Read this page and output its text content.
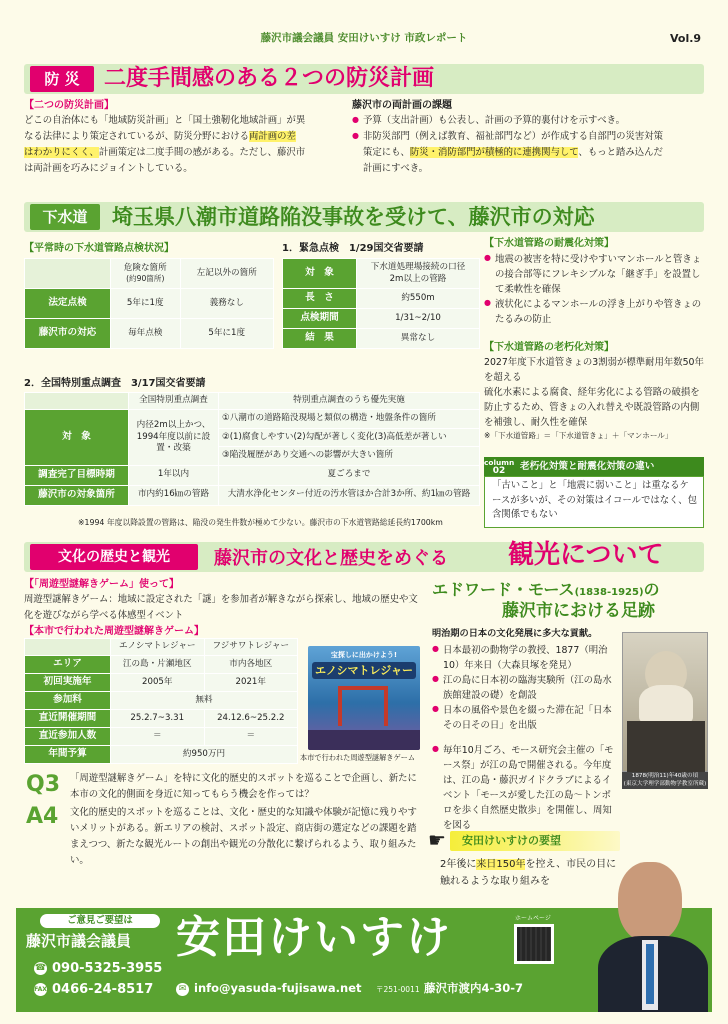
藤沢市議会議員 安田けいすけ 市政レポート	Vol.9
防 災	二度手間感のある２つの防災計画
【二つの防災計画】
どこの自治体にも「地域防災計画」と「国土強靭化地域計画」が異
なる法律により策定されているが、防災分野における両計画の差
はわかりにくく、計画策定は二度手間の感がある。ただし、藤沢市
は両計画を巧みにジョイントしている。
藤沢市の両計画の課題
● 予算（支出計画）も公表し、計画の予算的裏付けを示すべき。
● 非防災部門（例えば教育、福祉部門など）が作成する自部門の災害対策
策定にも、防災・消防部門が積極的に連携関与して、もっと踏み込んだ
計画にすべき。
下水道	埼玉県八潮市道路陥没事故を受けて、藤沢市の対応
【平常時の下水道管路点検状況】

	危険な箇所
(約90箇所)	左記以外の箇所
法定点検	5年に1度	義務なし
藤沢市の対応	毎年点検	5年に1度
1．緊急点検　1/29国交省要請
対　象	下水道処理場接続の口径
2m以上の管路

長　さ	約550m
点検期間	1/31~2/10
結　果	異常なし
【下水道管路の耐震化対策】
● 地震の被害を特に受けやすいマンホールと管きょの接合部等にフレキシブルな「継ぎ手」を設置して柔軟性を確保
● 液状化によるマンホールの浮き上がりや管きょのたるみの防止
【下水道管路の老朽化対策】
2027年度下水道管きょの3割弱が標準耐用年数50年を超える
硫化水素による腐食、経年劣化による管路の破損を防止するため、管きょの入れ替えや既設管路の内側を補強し、耐久性を確保
※「下水道管路」＝「下水道管きょ」＋「マンホール」
column
02	老朽化対策と耐震化対策の違い
「古いこと」と「地震に弱いこと」は重なるケースが多いが、その対策はイコールではなく、包含関係でもない
2．全国特別重点調査　3/17国交省要請
	全国特別重点調査	特別重点調査のうち優先実施
対　象	内径2m以上かつ、1994年度以前に設置・改築	①八潮市の道路陥没現場と類似の構造・地盤条件の箇所
②(1)腐食しやすい(2)勾配が著しく変化(3)高低差が著しい
③陥没履歴があり交通への影響が大きい箇所

調査完了目標時期	1年以内	夏ごろまで
藤沢市の対象箇所	市内約16㎞の管路	大清水浄化センター付近の汚水管ほか合計3か所、約1㎞の管路
※1994 年度以降設置の管路は、陥没の発生件数が極めて少ない。藤沢市の下水道管路総延長約1700km
文化の歴史と観光	藤沢市の文化と歴史をめぐる 観光について
【「周遊型謎解きゲーム」使って】
周遊型謎解きゲーム：地域に設定された「謎」を参加者が解きながら探索し、地域の歴史や文化を遊びながら学べる体感型イベント
【本市で行われた周遊型謎解きゲーム】
	エノシマトレジャー	フジサワトレジャー
エリア	江の島・片瀬地区	市内各地区
初回実施年	2005年	2021年
参加料	無料	
直近開催期間	25.2.7~3.31	24.12.6~25.2.2
直近参加人数	＝	＝
年間予算	約950万円	
宝探しに出かけよう!
エノシマトレジャー
本市で行われた周遊型謎解きゲーム
Q3
A4
「周遊型謎解きゲーム」を特に文化的歴史的スポットを巡ることで企画し、新たに本市の文化的側面を身近に知ってもらう機会を作っては？
文化的歴史的スポットを巡ることは、文化・歴史的な知識や体験が記憶に残りやすいメリットがある。新エリアの検討、スポット設定、商店街の選定などの課題を踏まえつつ、新たな観光ルートの創出や観光の分散化に繋げられるよう、取り組みたい。
エドワード・モース(1838-1925)の
藤沢市における足跡
明治期の日本の文化発展に多大な貢献。
● 日本最初の動物学の教授、1877（明治10）年来日（大森貝塚を発見）
● 江の島に日本初の臨海実験所（江の島水族館建設の礎）を創設
● 日本の風俗や景色を綴った滞在記「日本その日その日」を出版
● 毎年10月ごろ、モース研究会主催の「モース祭」が江の島で開催される。今年度は、江の島・藤沢ガイドクラブによるイベント「モースが愛した江の島～トンボロを歩く自然歴史散歩」を開催し、周知を図る
1878(明治11)年40歳の頃
(東京大学理学部動物学教室所蔵)
☛ 安田けいすけの要望
2年後に来日150年を控え、市民の目に触れるような取り組みを
ご意見ご要望は
藤沢市議会議員 安田けいすけ
☎ 090-5325-3955
FAX 0466-24-8517	✉ info@yasuda-fujisawa.net 〒251-0011 藤沢市渡内4-30-7
ホームページ
